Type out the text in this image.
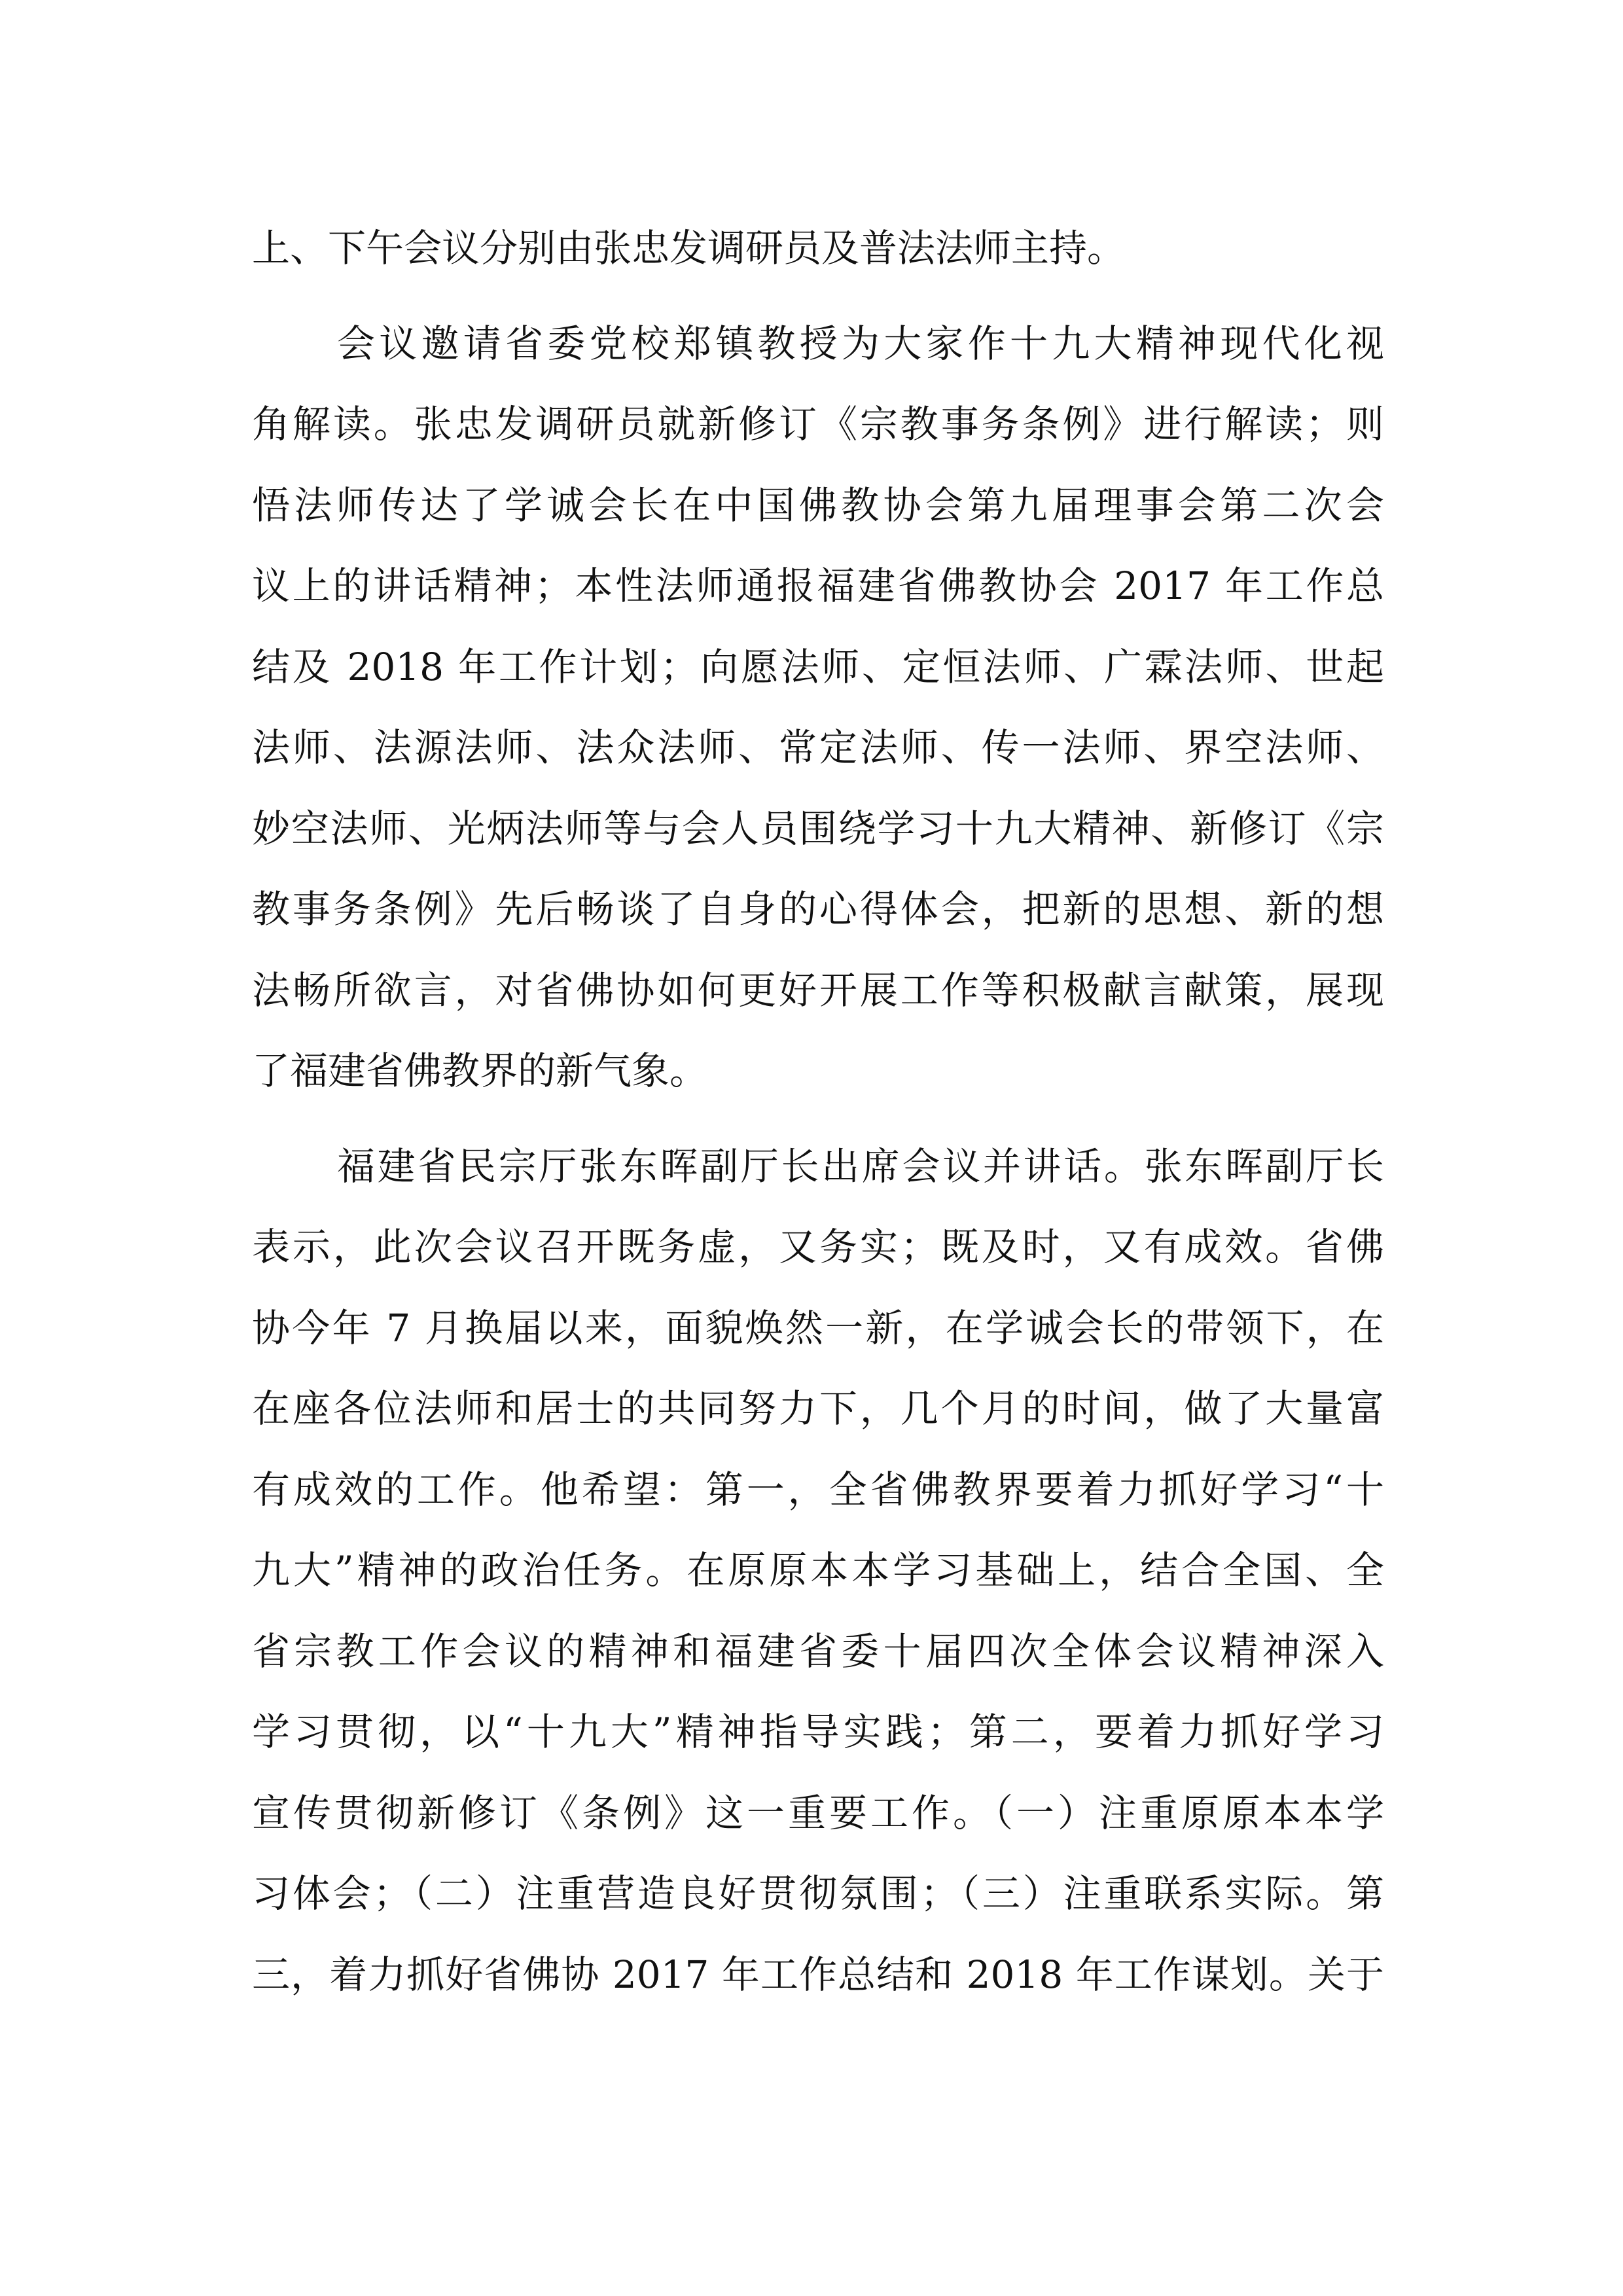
上、下午会议分别由张忠发调研员及普法法师主持。
会议邀请省委党校郑镇教授为大家作十九大精神现代化视
角解读。张忠发调研员就新修订《宗教事务条例》进行解读；则
悟法师传达了学诚会长在中国佛教协会第九届理事会第二次会
议上的讲话精神；本性法师通报福建省佛教协会 2017 年工作总
结及 2018 年工作计划；向愿法师、定恒法师、广霖法师、世起
法师、法源法师、法众法师、常定法师、传一法师、界空法师、
妙空法师、光炳法师等与会人员围绕学习十九大精神、新修订《宗
教事务条例》先后畅谈了自身的心得体会，把新的思想、新的想
法畅所欲言，对省佛协如何更好开展工作等积极献言献策，展现
了福建省佛教界的新气象。
福建省民宗厅张东晖副厅长出席会议并讲话。张东晖副厅长
表示，此次会议召开既务虚，又务实；既及时，又有成效。省佛
协今年 7 月换届以来，面貌焕然一新，在学诚会长的带领下，在
在座各位法师和居士的共同努力下，几个月的时间，做了大量富
有成效的工作。他希望：第一，全省佛教界要着力抓好学习“十
九大”精神的政治任务。在原原本本学习基础上，结合全国、全
省宗教工作会议的精神和福建省委十届四次全体会议精神深入
学习贯彻，以“十九大”精神指导实践；第二，要着力抓好学习
宣传贯彻新修订《条例》这一重要工作。（一）注重原原本本学
习体会；（二）注重营造良好贯彻氛围；（三）注重联系实际。第
三，着力抓好省佛协 2017 年工作总结和 2018 年工作谋划。关于
